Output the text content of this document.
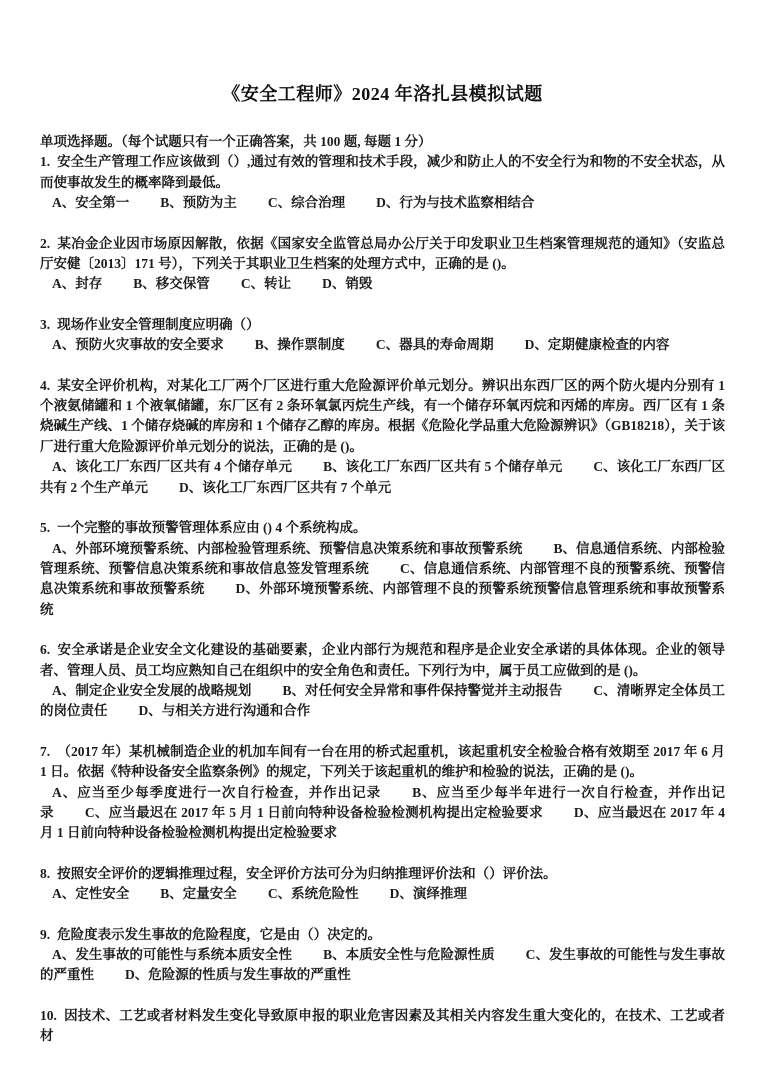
《安全工程师》2024 年洛扎县模拟试题

单项选择题。（每个试题只有一个正确答案，共 100 题, 每题 1 分）

1. 安全生产管理工作应该做到（）,通过有效的管理和技术手段，减少和防止人的不安全行为和物的不安全状态，从而使事故发生的概率降到最低。

A、安全第一 B、预防为主 C、综合治理 D、行为与技术监察相结合

2. 某冶金企业因市场原因解散，依据《国家安全监管总局办公厅关于印发职业卫生档案管理规范的通知》（安监总厅安健〔2013〕171 号），下列关于其职业卫生档案的处理方式中，正确的是 ()。

A、封存 B、移交保管 C、转让 D、销毁

3. 现场作业安全管理制度应明确（）

A、预防火灾事故的安全要求 B、操作票制度 C、器具的寿命周期 D、定期健康检查的内容

4. 某安全评价机构，对某化工厂两个厂区进行重大危险源评价单元划分。辨识出东西厂区的两个防火堤内分别有 1 个液氨储罐和 1 个液氧储罐，东厂区有 2 条环氧氯丙烷生产线，有一个储存环氧丙烷和丙烯的库房。西厂区有 1 条烧碱生产线、1 个储存烧碱的库房和 1 个储存乙醇的库房。根据《危险化学品重大危险源辨识》（GB18218），关于该厂进行重大危险源评价单元划分的说法，正确的是 ()。

A、该化工厂东西厂区共有 4 个储存单元 B、该化工厂东西厂区共有 5 个储存单元 C、该化工厂东西厂区共有 2 个生产单元 D、该化工厂东西厂区共有 7 个单元

5. 一个完整的事故预警管理体系应由 () 4 个系统构成。

A、外部环境预警系统、内部检验管理系统、预警信息决策系统和事故预警系统 B、信息通信系统、内部检验管理系统、预警信息决策系统和事故信息签发管理系统 C、信息通信系统、内部管理不良的预警系统、预警信息决策系统和事故预警系统 D、外部环境预警系统、内部管理不良的预警系统预警信息管理系统和事故预警系统

6. 安全承诺是企业安全文化建设的基础要素，企业内部行为规范和程序是企业安全承诺的具体体现。企业的领导者、管理人员、员工均应熟知自己在组织中的安全角色和责任。下列行为中，属于员工应做到的是 ()。

A、制定企业安全发展的战略规划 B、对任何安全异常和事件保持警觉并主动报告 C、清晰界定全体员工的岗位责任 D、与相关方进行沟通和合作

7. （2017 年）某机械制造企业的机加车间有一台在用的桥式起重机，该起重机安全检验合格有效期至 2017 年 6 月 1 日。依据《特种设备安全监察条例》的规定，下列关于该起重机的维护和检验的说法，正确的是 ()。

A、应当至少每季度进行一次自行检查，并作出记录 B、应当至少每半年进行一次自行检查，并作出记录 C、应当最迟在 2017 年 5 月 1 日前向特种设备检验检测机构提出定检验要求 D、应当最迟在 2017 年 4 月 1 日前向特种设备检验检测机构提出定检验要求

8. 按照安全评价的逻辑推理过程，安全评价方法可分为归纳推理评价法和（）评价法。

A、定性安全 B、定量安全 C、系统危险性 D、演绎推理

9. 危险度表示发生事故的危险程度，它是由（）决定的。

A、发生事故的可能性与系统本质安全性 B、本质安全性与危险源性质 C、发生事故的可能性与发生事故的严重性 D、危险源的性质与发生事故的严重性

10. 因技术、工艺或者材料发生变化导致原申报的职业危害因素及其相关内容发生重大变化的，在技术、工艺或者材
